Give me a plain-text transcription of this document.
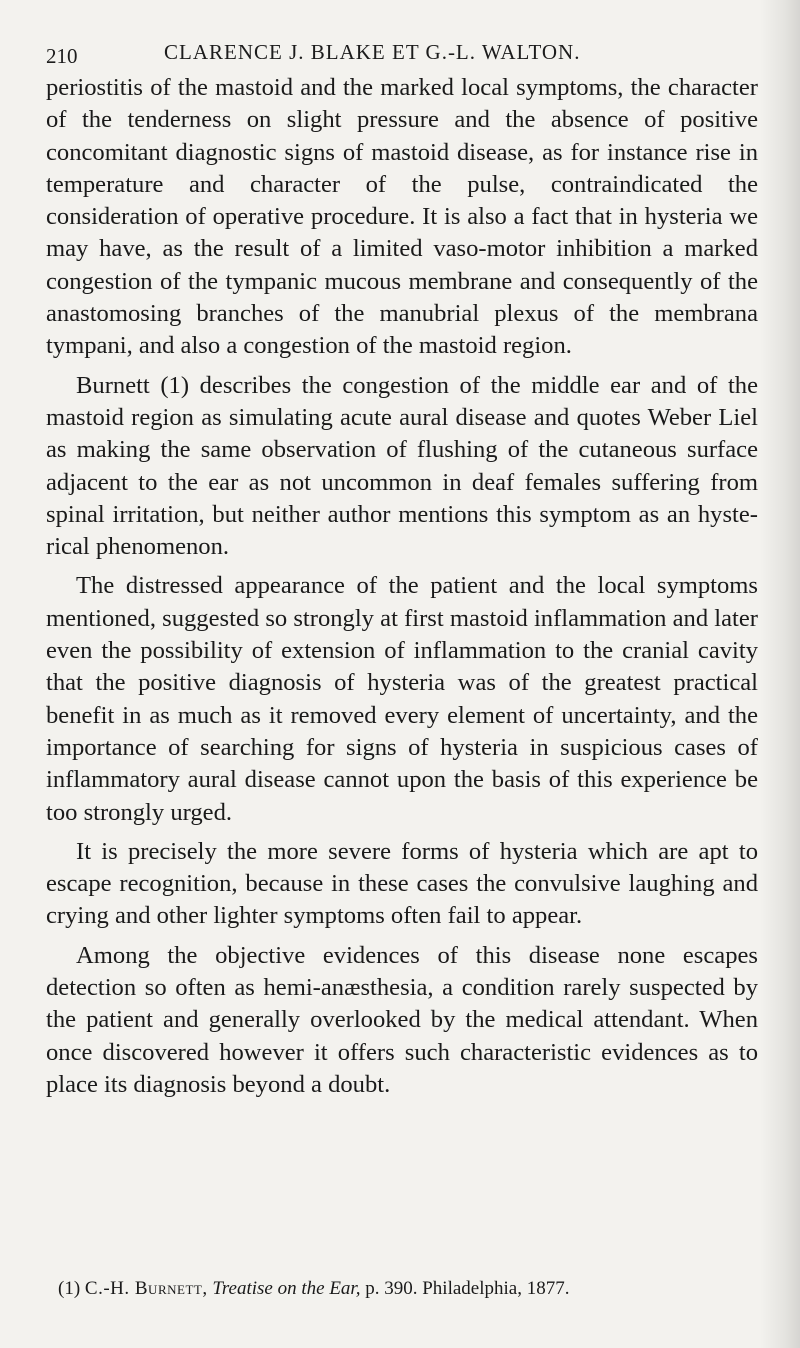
210	CLARENCE J. BLAKE ET G.-L. WALTON.

periostitis of the mastoid and the marked local symptoms, the character of the tenderness on slight pressure and the absence of positive concomitant diagnostic signs of mastoid disease, as for instance rise in temperature and character of the pulse, contraindicated the consideration of operative procedure. It is also a fact that in hysteria we may have, as the result of a limited vaso-motor inhibition a marked congestion of the tympanic mucous membrane and consequently of the anastomosing branches of the manubrial plexus of the membrana tympani, and also a congestion of the mastoid region.

Burnett (1) describes the congestion of the middle ear and of the mastoid region as simulating acute aural disease and quotes Weber Liel as making the same observation of flushing of the cutaneous surface adjacent to the ear as not uncommon in deaf females suffering from spinal irritation, but neither author mentions this symptom as an hysterical phenomenon.

The distressed appearance of the patient and the local symptoms mentioned, suggested so strongly at first mastoid inflammation and later even the possibility of extension of inflammation to the cranial cavity that the positive diagnosis of hysteria was of the greatest practical benefit in as much as it removed every element of uncertainty, and the importance of searching for signs of hysteria in suspicious cases of inflammatory aural disease cannot upon the basis of this experience be too strongly urged.

It is precisely the more severe forms of hysteria which are apt to escape recognition, because in these cases the convulsive laughing and crying and other lighter symptoms often fail to appear.

Among the objective evidences of this disease none escapes detection so often as hemi-anæsthesia, a condition rarely suspected by the patient and generally overlooked by the medical attendant. When once discovered however it offers such characteristic evidences as to place its diagnosis beyond a doubt.

(1) C.-H. Burnett, Treatise on the Ear, p. 390. Philadelphia, 1877.
